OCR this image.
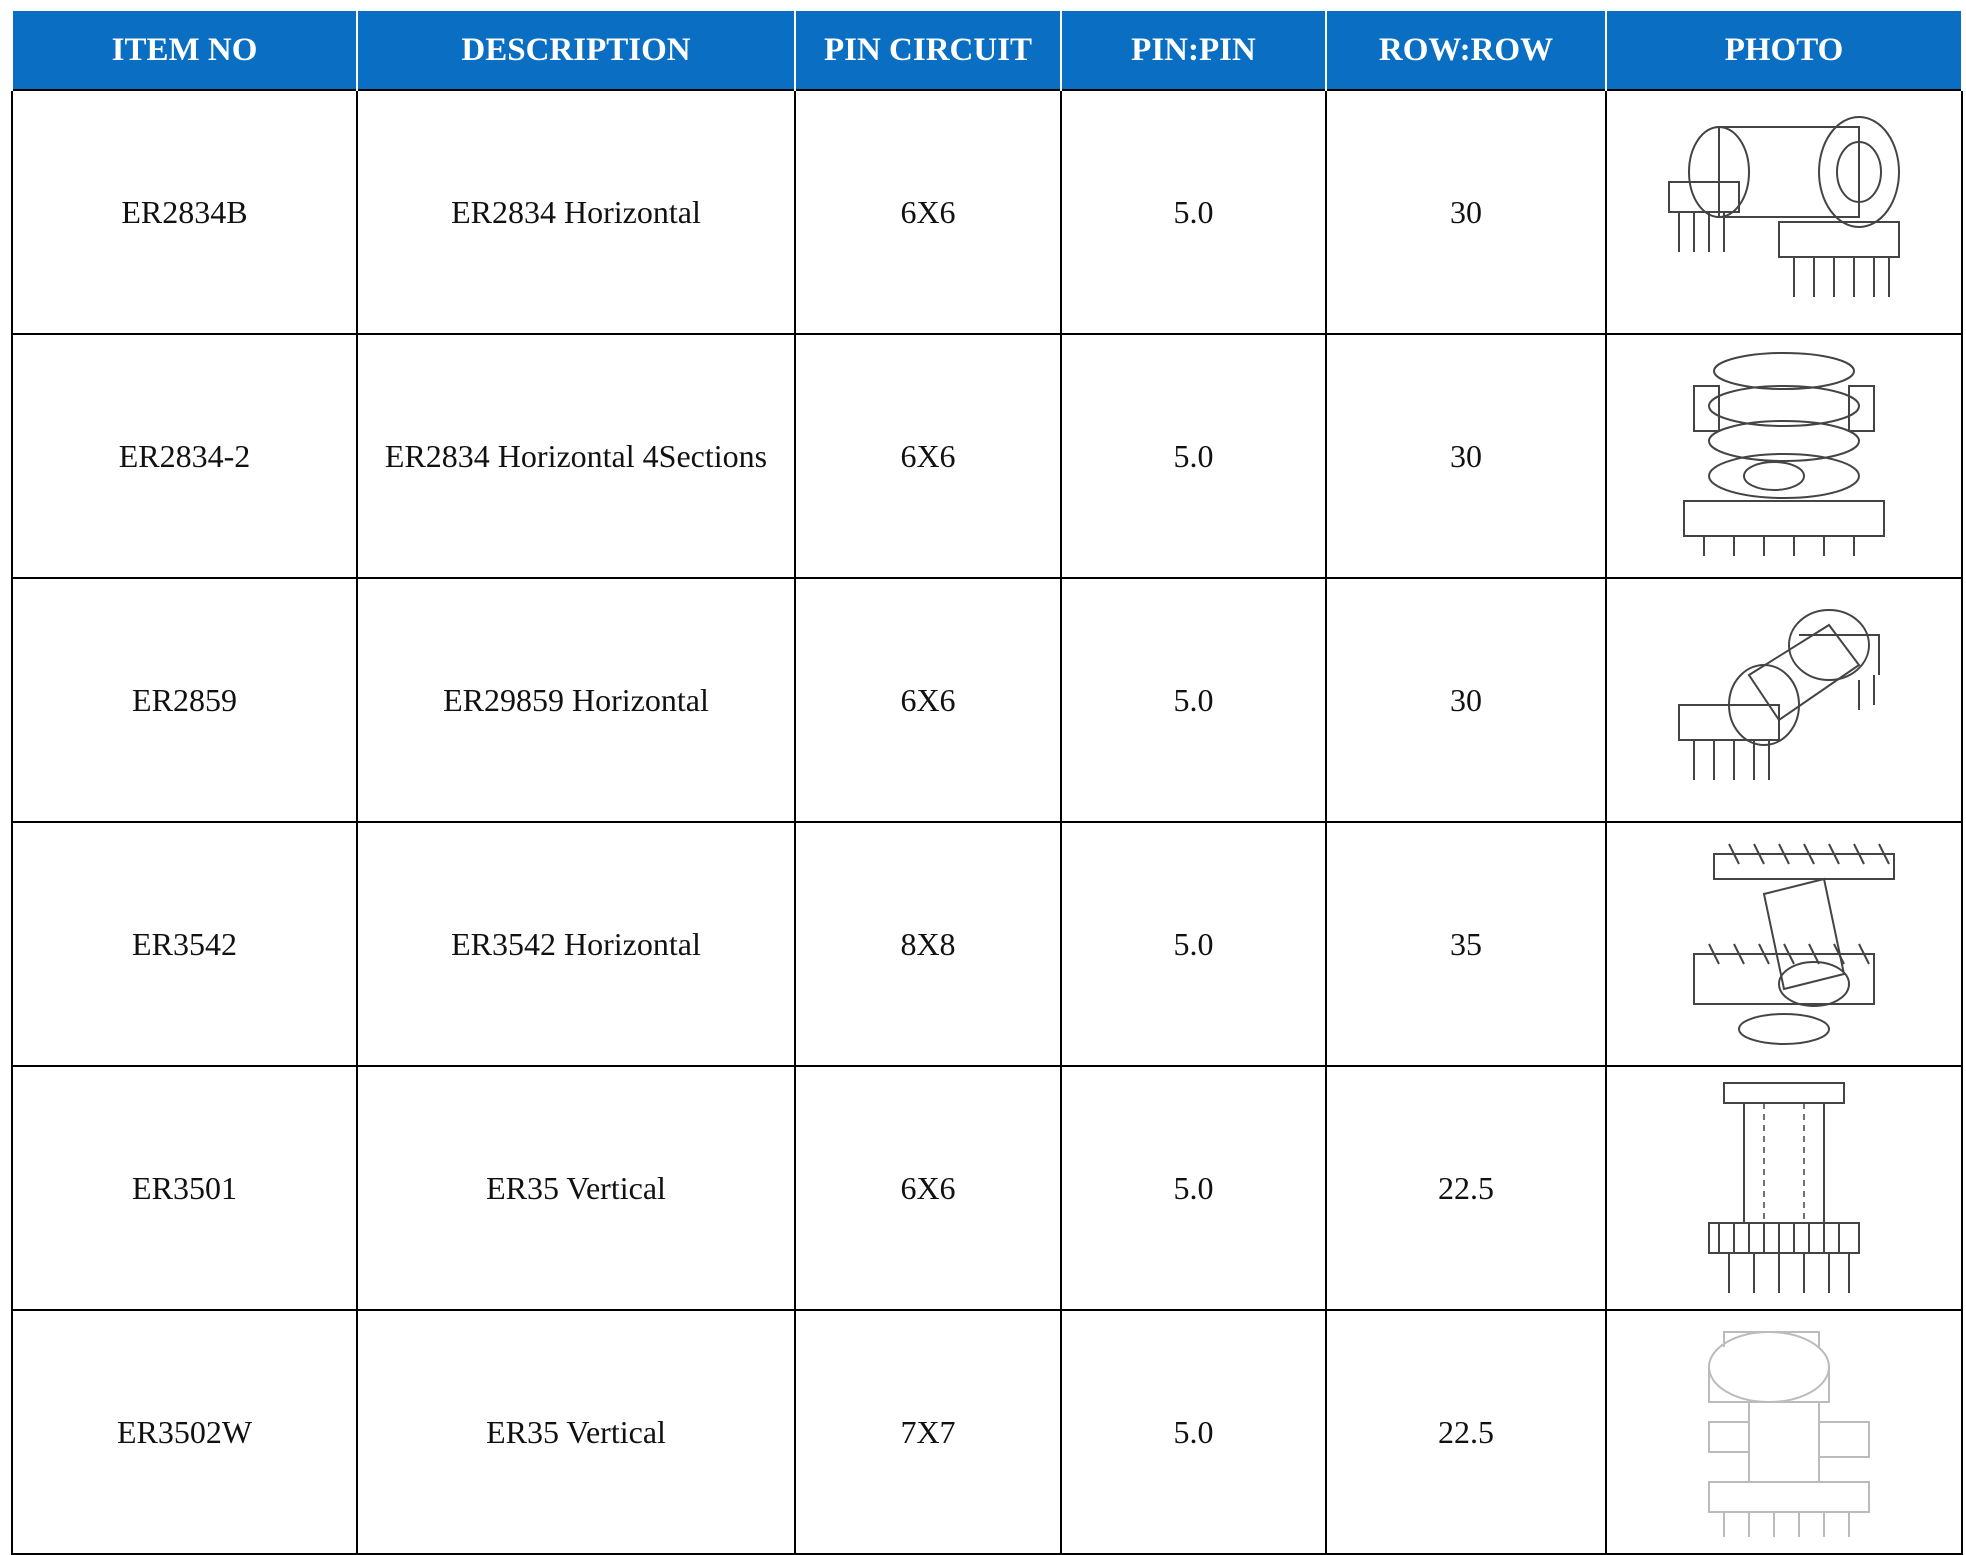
ITEM NO	DESCRIPTION	PIN CIRCUIT	PIN:PIN	ROW:ROW	PHOTO
ER2834B	ER2834 Horizontal	6X6	5.0	30	

ER2834-2	ER2834 Horizontal 4Sections	6X6	5.0	30	

ER2859	ER29859 Horizontal	6X6	5.0	30	

ER3542	ER3542 Horizontal	8X8	5.0	35	

ER3501	ER35 Vertical	6X6	5.0	22.5	

ER3502W	ER35 Vertical	7X7	5.0	22.5	
